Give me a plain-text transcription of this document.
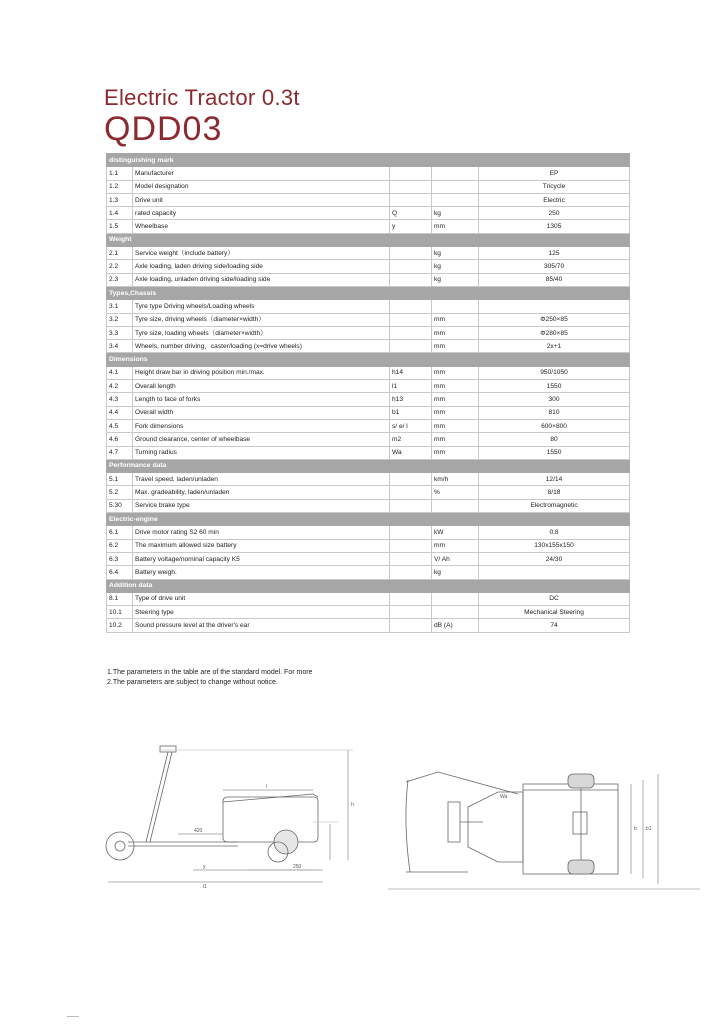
Electric Tractor 0.3t
QDD03
distinguishing mark				
1.1	Manufacturer			EP
1.2	Model designation			Tricycle
1.3	Drive unit			Electric
1.4	rated capacity	Q	kg	250
1.5	Wheelbase	y	mm	1305
Weight				
2.1	Service weight（include battery）		kg	125
2.2	Axle loading, laden driving side/loading side		kg	305/70
2.3	Axle loading, unladen driving side/loading side		kg	85/40
Types,Chassis				
3.1	Tyre type Driving wheels/Loading wheels			
3.2	Tyre size, driving wheels（diameter×width）		mm	Φ250×85
3.3	Tyre size, loading wheels（diameter×width）		mm	Φ280×85
3.4	Wheels, number driving，caster/loading (x=drive wheels)		mm	2x+1
Dimensions				
4.1	Height draw bar in driving position min./max.	h14	mm	950/1050
4.2	Overall length	l1	mm	1550
4.3	Length to face of forks	h13	mm	300
4.4	Overall width	b1	mm	810
4.5	Fork dimensions	s/ e/ l	mm	600×800
4.6	Ground clearance, center of wheelbase	m2	mm	80
4.7	Turning radius	Wa	mm	1550
Performance data				
5.1	Travel speed, laden/unladen		km/h	12/14
5.2	Max. gradeability, laden/unladen		%	8/18
5.30	Service brake type			Electromagnetic
Electric-engine				
6.1	Drive motor rating S2 60 min		kW	0.8
6.2	The maximum allowed size battery		mm	130x155x150
6.3	Battery voltage/nominal capacity K5		V/ Ah	24/30
6.4	Battery weigh.		kg	
Addition data				
8.1	Type of drive unit			DC
10.1	Steering type			Mechanical Steering
10.2	Sound pressure level at the driver's ear		dB (A)	74
1.The parameters in the table are of the standard model. For more
2.The parameters are subject to change without notice.
l
420
y	250
l1
h
Wa
b b1
